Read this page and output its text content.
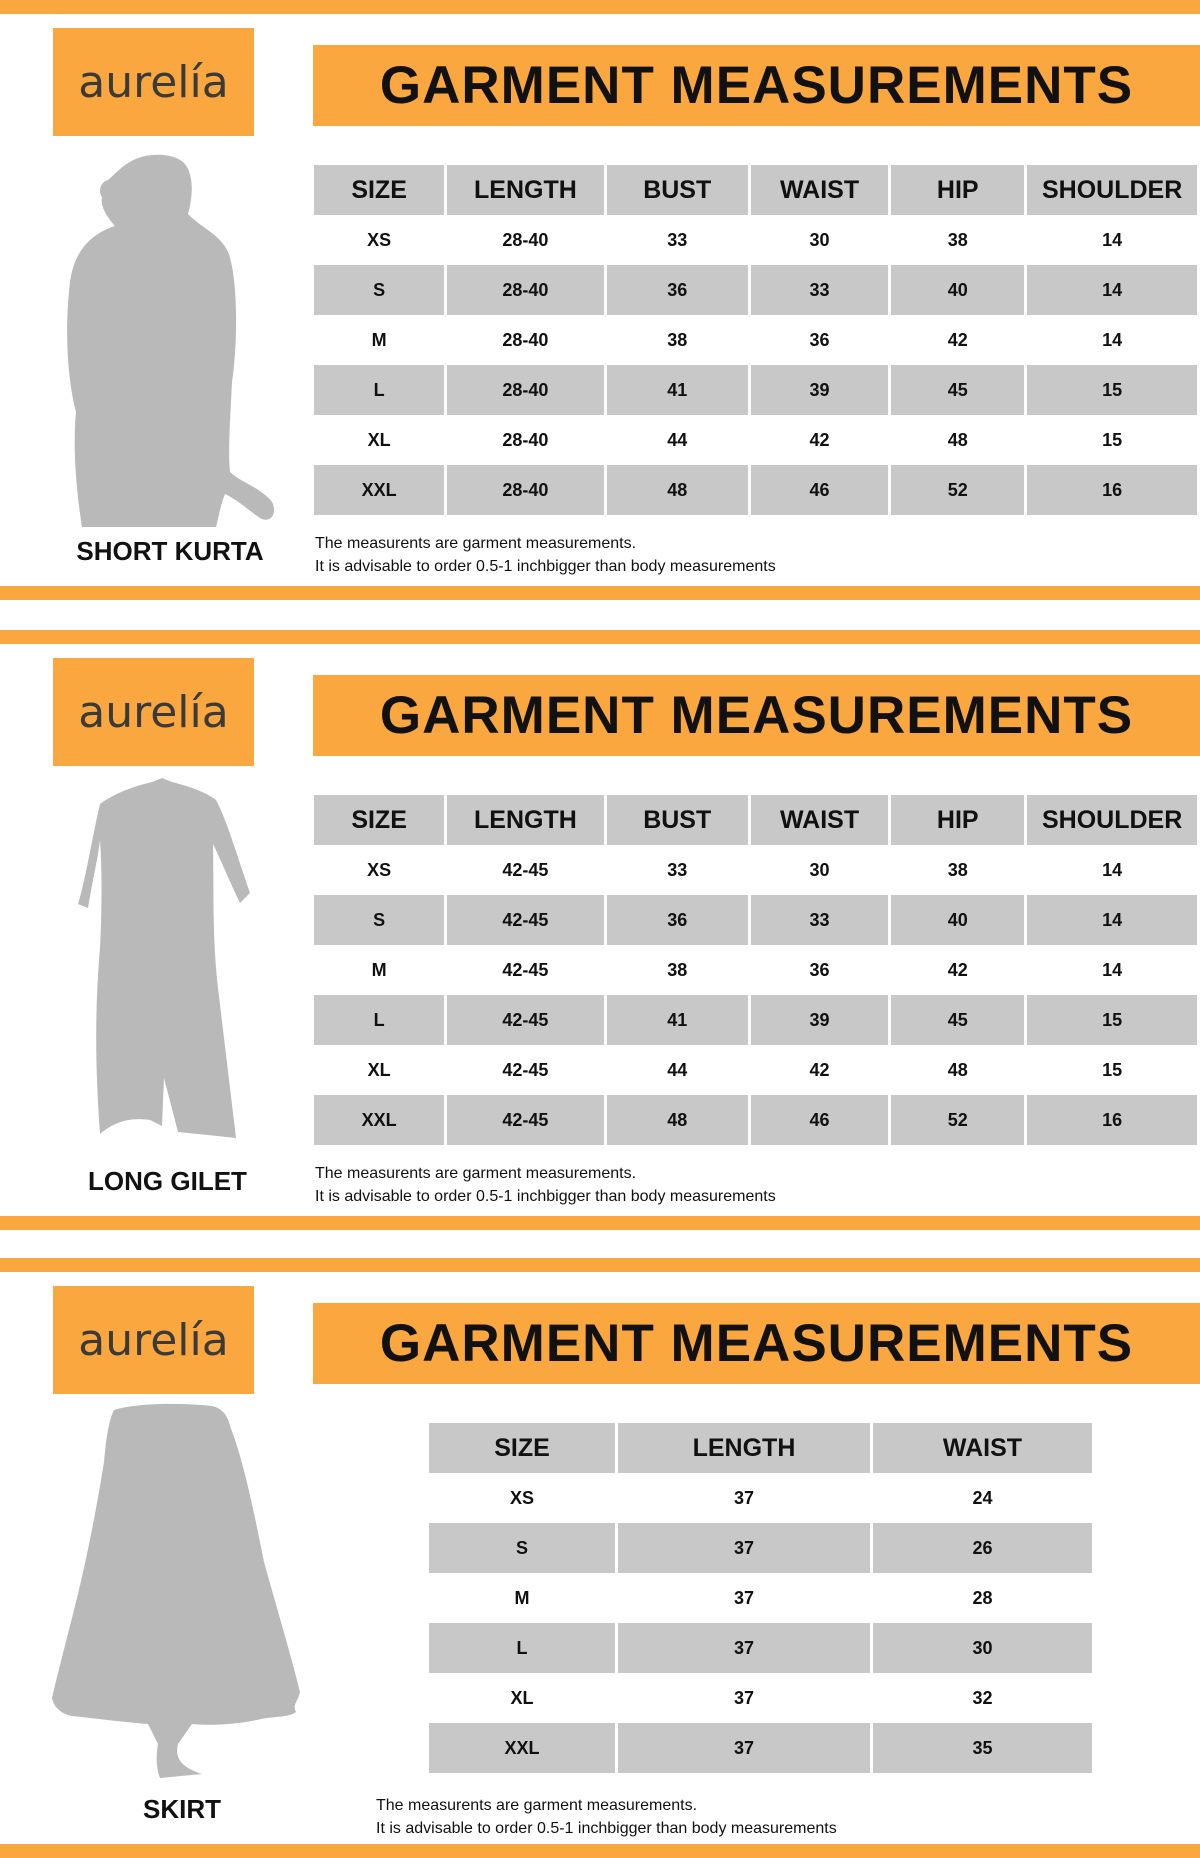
aurelía	GARMENT MEASUREMENTS
SHORT KURTA
SIZE	LENGTH	BUST	WAIST	HIP	SHOULDER
XS	28-40	33	30	38	14
S	28-40	36	33	40	14
M	28-40	38	36	42	14
L	28-40	41	39	45	15
XL	28-40	44	42	48	15
XXL	28-40	48	46	52	16
The measurents are garment measurements.
It is advisable to order 0.5-1 inchbigger than body measurements
aurelía	GARMENT MEASUREMENTS
LONG GILET
SIZE	LENGTH	BUST	WAIST	HIP	SHOULDER
XS	42-45	33	30	38	14
S	42-45	36	33	40	14
M	42-45	38	36	42	14
L	42-45	41	39	45	15
XL	42-45	44	42	48	15
XXL	42-45	48	46	52	16
The measurents are garment measurements.
It is advisable to order 0.5-1 inchbigger than body measurements
aurelía	GARMENT MEASUREMENTS
SKIRT
SIZE	LENGTH	WAIST
XS	37	24
S	37	26
M	37	28
L	37	30
XL	37	32
XXL	37	35
The measurents are garment measurements.
It is advisable to order 0.5-1 inchbigger than body measurements
